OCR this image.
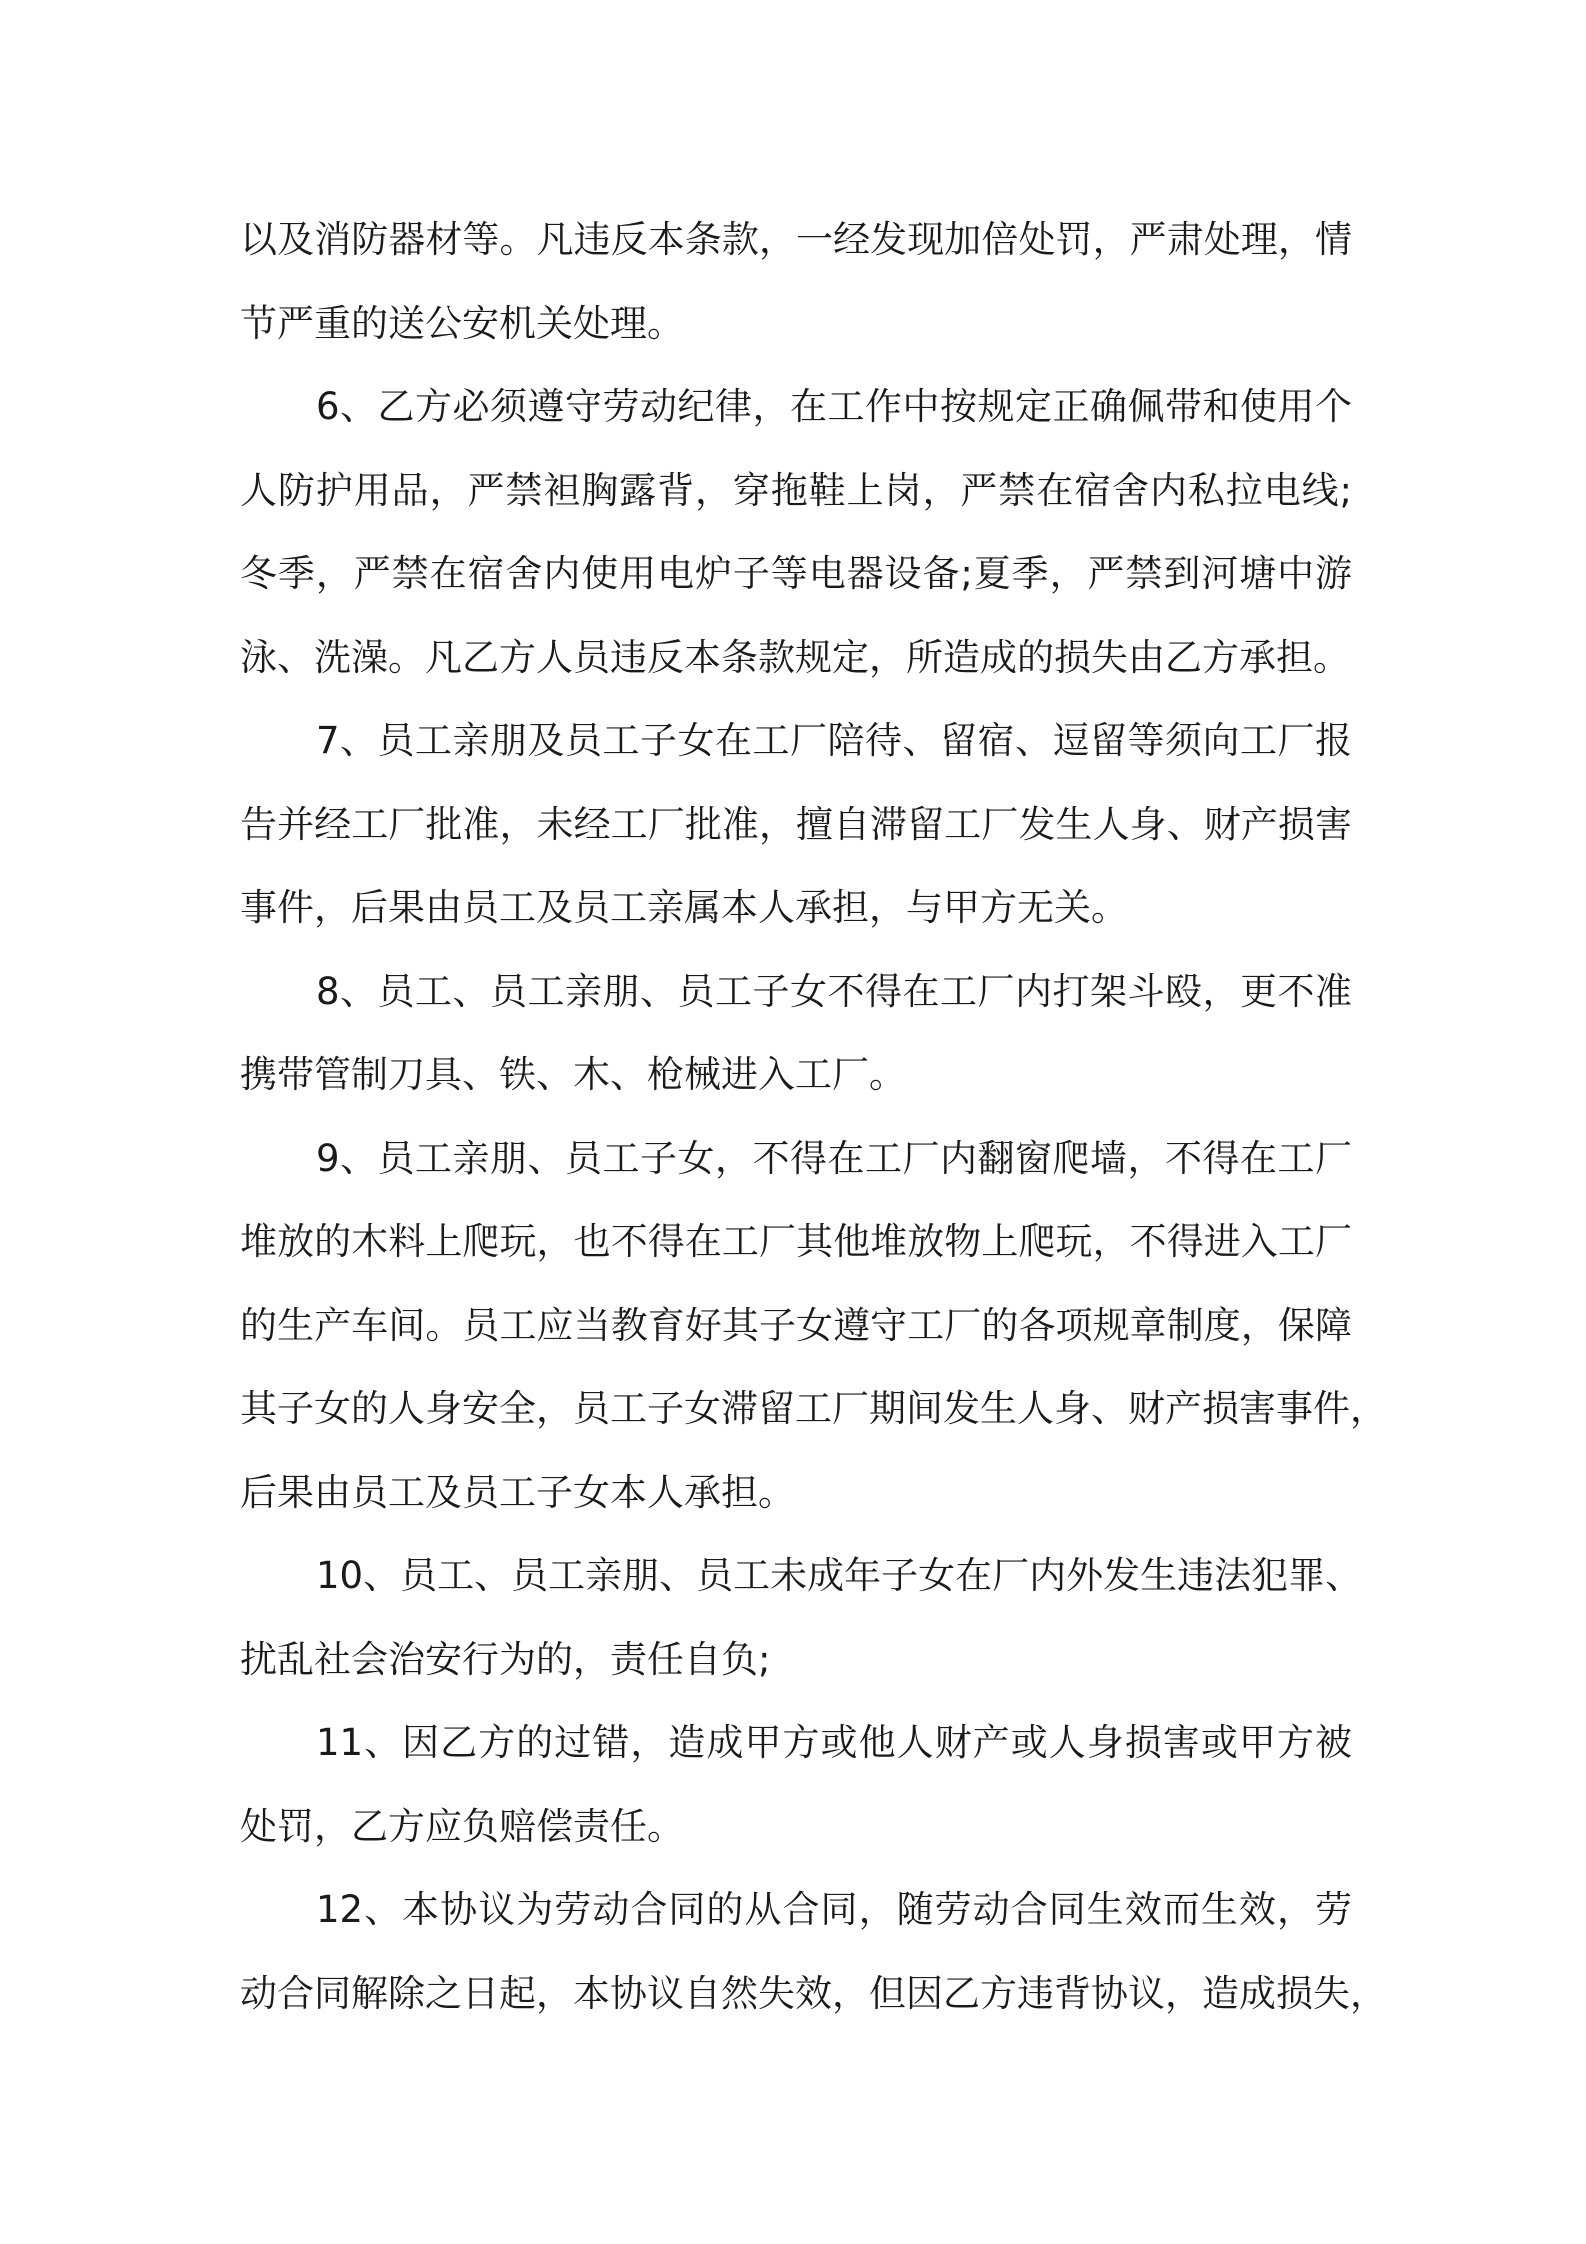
以及消防器材等。凡违反本条款，一经发现加倍处罚，严肃处理，情
节严重的送公安机关处理。

6、乙方必须遵守劳动纪律，在工作中按规定正确佩带和使用个
人防护用品，严禁袒胸露背，穿拖鞋上岗，严禁在宿舍内私拉电线;
冬季，严禁在宿舍内使用电炉子等电器设备;夏季，严禁到河塘中游
泳、洗澡。凡乙方人员违反本条款规定，所造成的损失由乙方承担。

7、员工亲朋及员工子女在工厂陪待、留宿、逗留等须向工厂报
告并经工厂批准，未经工厂批准，擅自滞留工厂发生人身、财产损害
事件，后果由员工及员工亲属本人承担，与甲方无关。

8、员工、员工亲朋、员工子女不得在工厂内打架斗殴，更不准
携带管制刀具、铁、木、枪械进入工厂。

9、员工亲朋、员工子女，不得在工厂内翻窗爬墙，不得在工厂
堆放的木料上爬玩，也不得在工厂其他堆放物上爬玩，不得进入工厂
的生产车间。员工应当教育好其子女遵守工厂的各项规章制度，保障
其子女的人身安全，员工子女滞留工厂期间发生人身、财产损害事件，
后果由员工及员工子女本人承担。

10、员工、员工亲朋、员工未成年子女在厂内外发生违法犯罪、
扰乱社会治安行为的，责任自负;

11、因乙方的过错，造成甲方或他人财产或人身损害或甲方被
处罚，乙方应负赔偿责任。

12、本协议为劳动合同的从合同，随劳动合同生效而生效，劳
动合同解除之日起，本协议自然失效，但因乙方违背协议，造成损失，
